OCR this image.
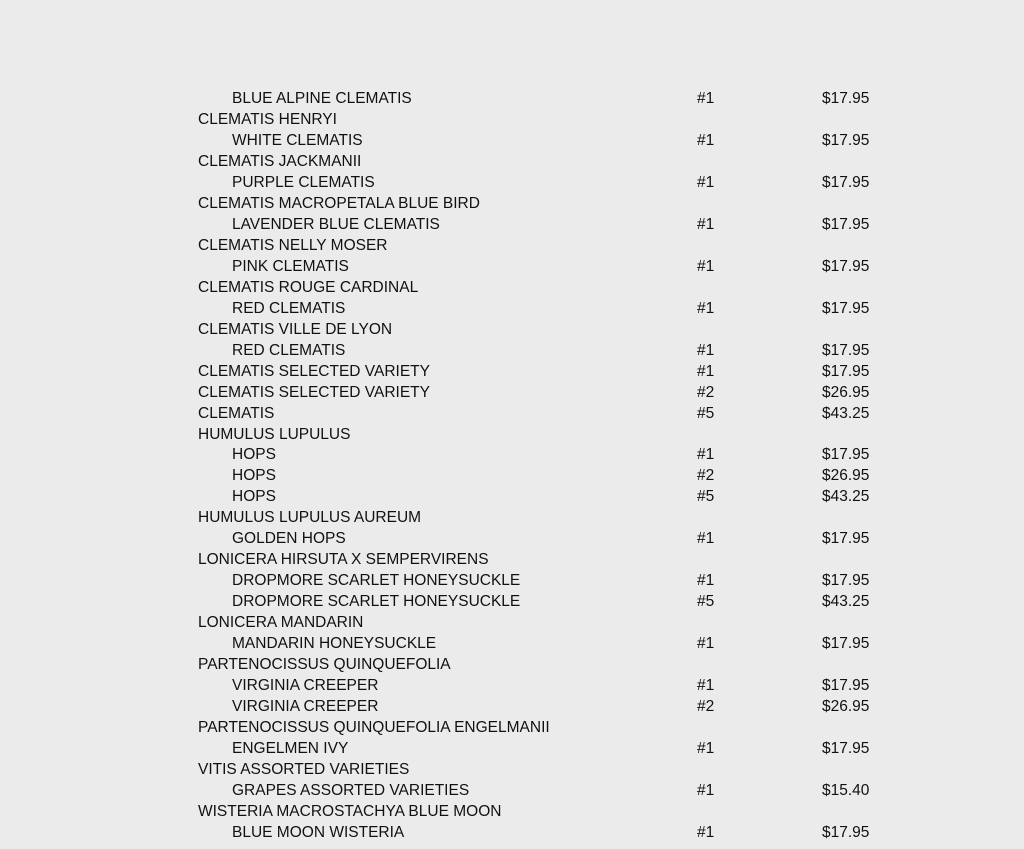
BLUE ALPINE CLEMATIS	#1	$17.95
CLEMATIS HENRYI
WHITE CLEMATIS	#1	$17.95
CLEMATIS JACKMANII
PURPLE CLEMATIS	#1	$17.95
CLEMATIS MACROPETALA BLUE BIRD
LAVENDER BLUE CLEMATIS	#1	$17.95
CLEMATIS NELLY MOSER
PINK CLEMATIS	#1	$17.95
CLEMATIS ROUGE CARDINAL
RED CLEMATIS	#1	$17.95
CLEMATIS VILLE DE LYON
RED CLEMATIS	#1	$17.95
CLEMATIS SELECTED VARIETY	#1	$17.95
CLEMATIS SELECTED VARIETY	#2	$26.95
CLEMATIS	#5	$43.25
HUMULUS LUPULUS
HOPS	#1	$17.95
HOPS	#2	$26.95
HOPS	#5	$43.25
HUMULUS LUPULUS AUREUM
GOLDEN HOPS	#1	$17.95
LONICERA HIRSUTA X SEMPERVIRENS
DROPMORE SCARLET HONEYSUCKLE	#1	$17.95
DROPMORE SCARLET HONEYSUCKLE	#5	$43.25
LONICERA MANDARIN
MANDARIN HONEYSUCKLE	#1	$17.95
PARTENOCISSUS QUINQUEFOLIA
VIRGINIA CREEPER	#1	$17.95
VIRGINIA CREEPER	#2	$26.95
PARTENOCISSUS QUINQUEFOLIA ENGELMANII
ENGELMEN IVY	#1	$17.95
VITIS ASSORTED VARIETIES
GRAPES ASSORTED VARIETIES	#1	$15.40
WISTERIA MACROSTACHYA BLUE MOON
BLUE MOON WISTERIA	#1	$17.95
